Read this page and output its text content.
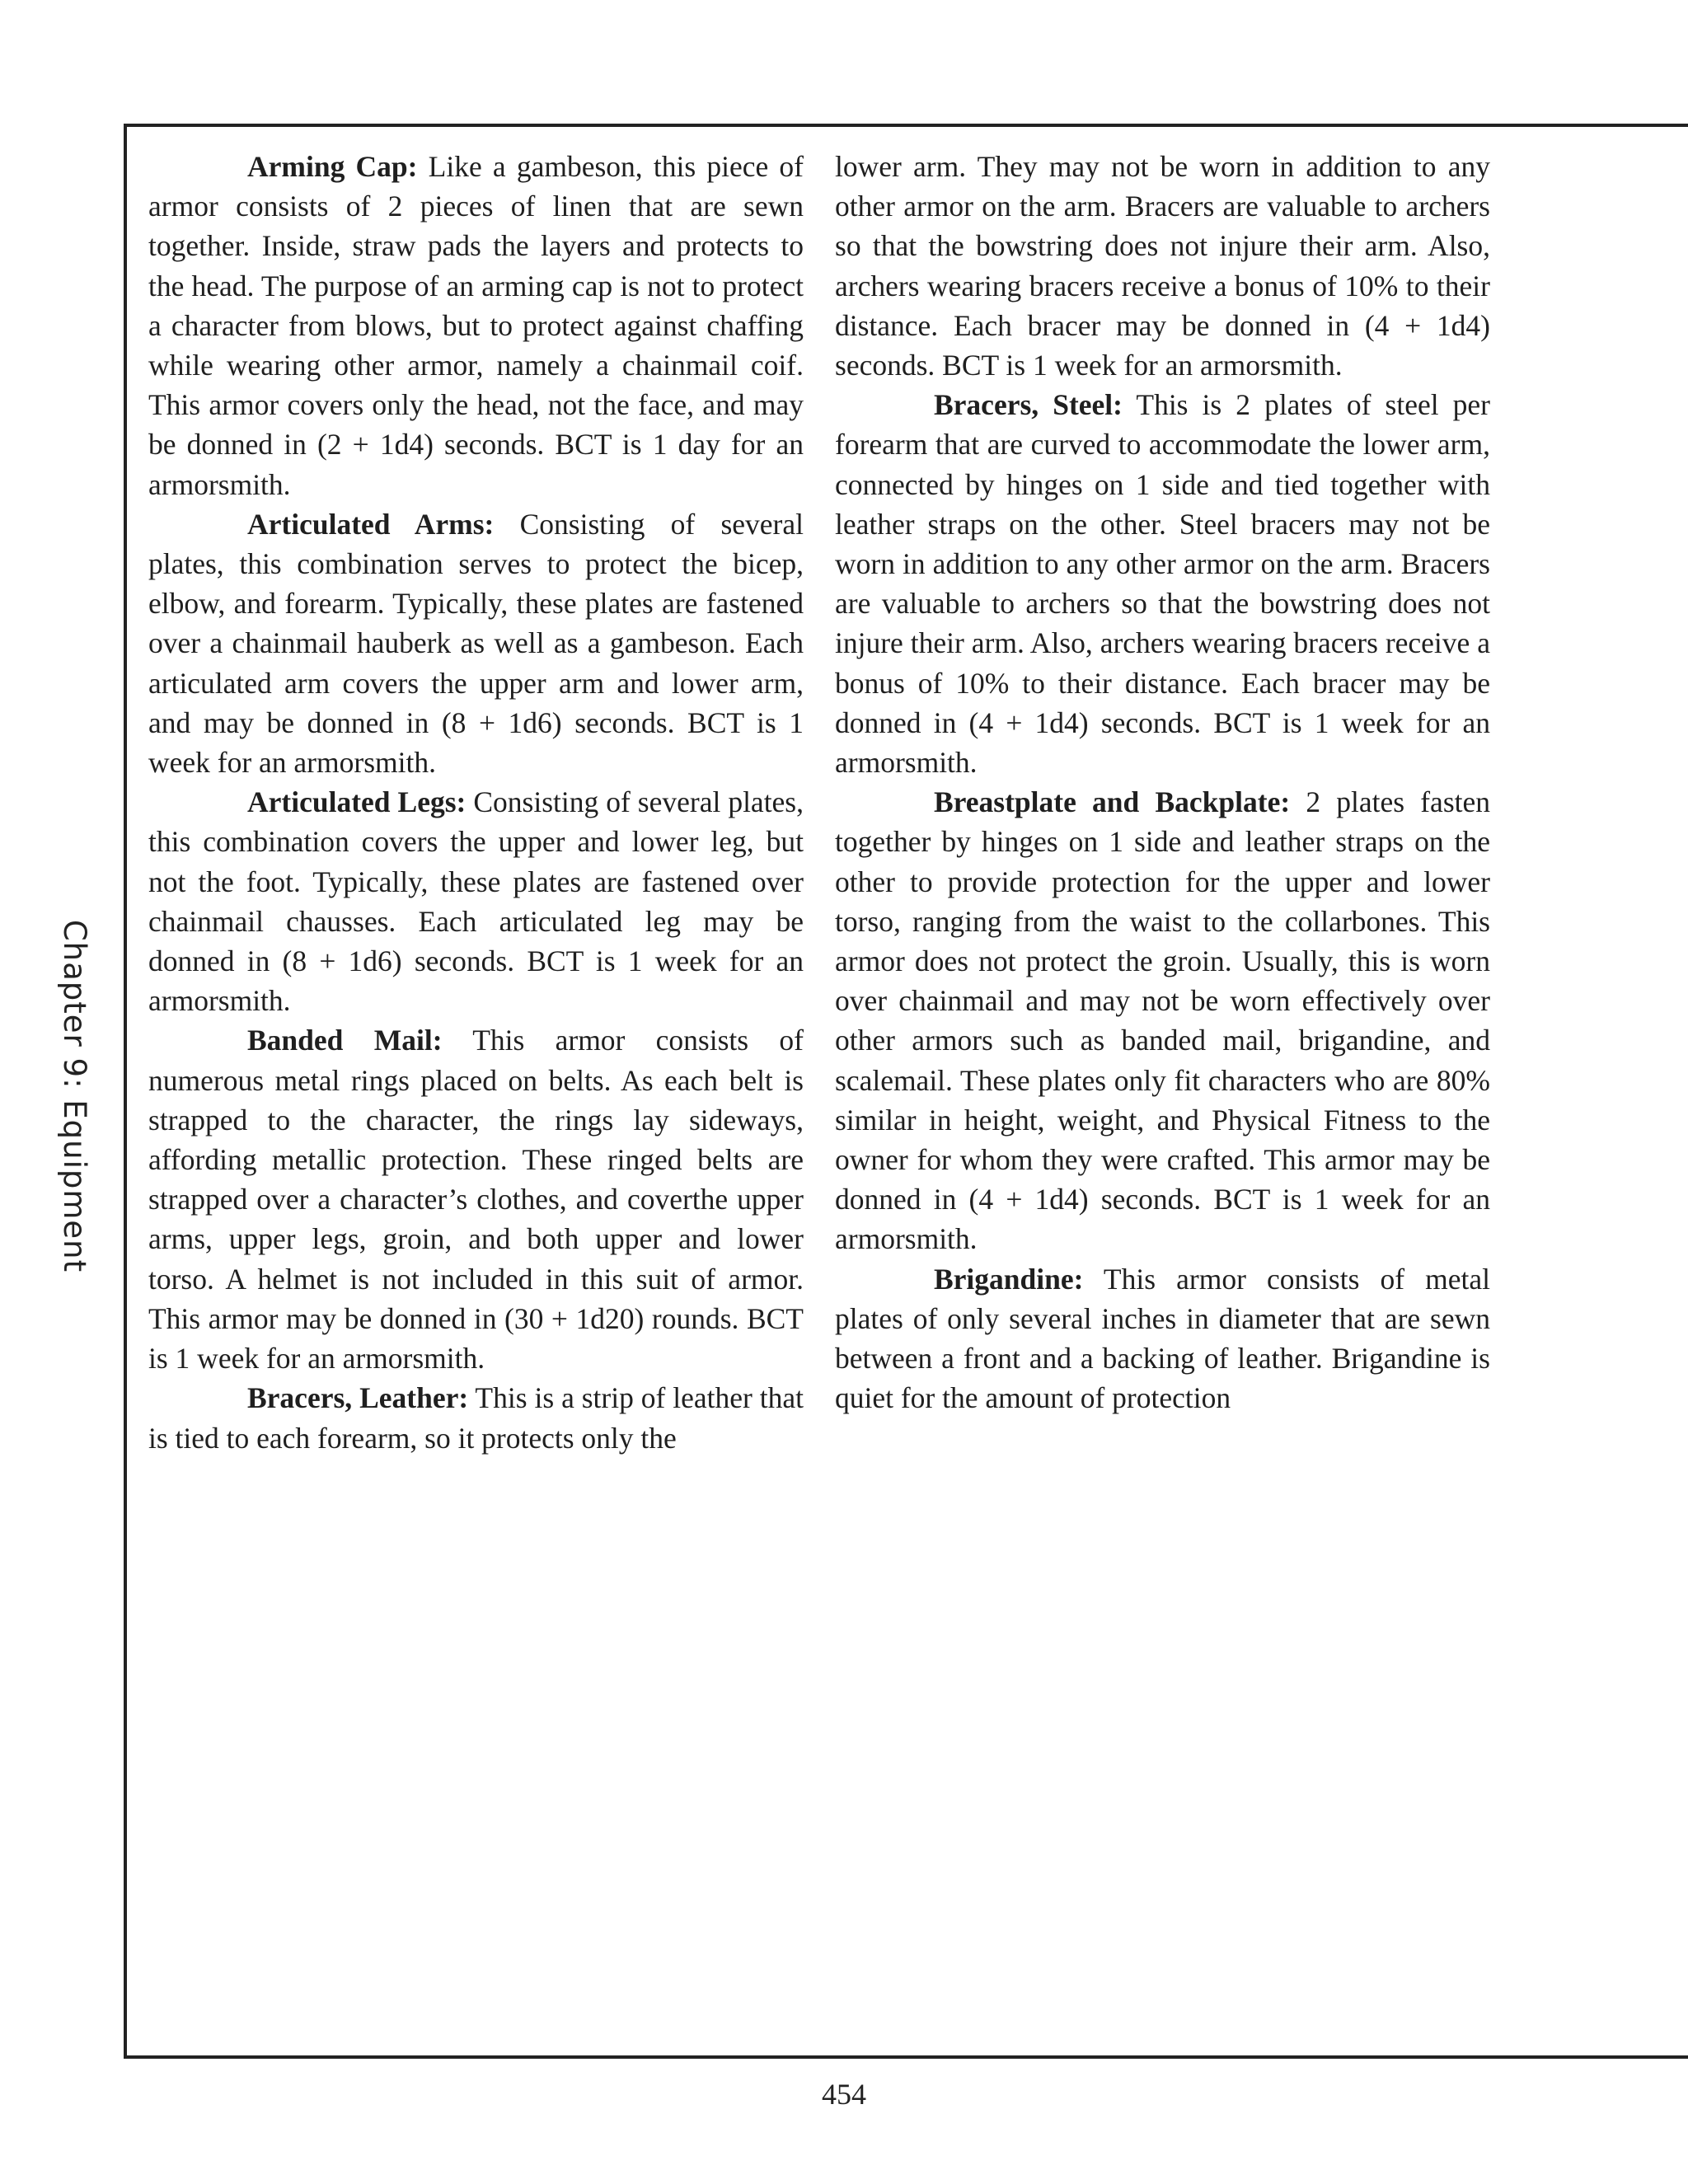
Chapter 9: Equipment

Arming Cap: Like a gambeson, this piece of armor consists of 2 pieces of linen that are sewn together. Inside, straw pads the layers and protects to the head. The purpose of an arming cap is not to protect a character from blows, but to protect against chaffing while wearing other armor, namely a chainmail coif. This armor covers only the head, not the face, and may be donned in (2 + 1d4) seconds. BCT is 1 day for an armorsmith.

Articulated Arms: Consisting of several plates, this combination serves to protect the bicep, elbow, and forearm. Typically, these plates are fastened over a chainmail hauberk as well as a gambeson. Each articulated arm covers the upper arm and lower arm, and may be donned in (8 + 1d6) seconds. BCT is 1 week for an armorsmith.

Articulated Legs: Consisting of several plates, this combination covers the upper and lower leg, but not the foot. Typically, these plates are fastened over chainmail chausses. Each articulated leg may be donned in (8 + 1d6) seconds. BCT is 1 week for an armorsmith.

Banded Mail: This armor consists of numerous metal rings placed on belts. As each belt is strapped to the character, the rings lay sideways, affording metallic protection. These ringed belts are strapped over a character’s clothes, and coverthe upper arms, upper legs, groin, and both upper and lower torso. A helmet is not included in this suit of armor. This armor may be donned in (30 + 1d20) rounds. BCT is 1 week for an armorsmith.

Bracers, Leather: This is a strip of leather that is tied to each forearm, so it protects only the

lower arm. They may not be worn in addition to any other armor on the arm. Bracers are valuable to archers so that the bowstring does not injure their arm. Also, archers wearing bracers receive a bonus of 10% to their distance. Each bracer may be donned in (4 + 1d4) seconds. BCT is 1 week for an armorsmith.

Bracers, Steel: This is 2 plates of steel per forearm that are curved to accommodate the lower arm, connected by hinges on 1 side and tied together with leather straps on the other. Steel bracers may not be worn in addition to any other armor on the arm. Bracers are valuable to archers so that the bowstring does not injure their arm. Also, archers wearing bracers receive a bonus of 10% to their distance. Each bracer may be donned in (4 + 1d4) seconds. BCT is 1 week for an armorsmith.

Breastplate and Backplate: 2 plates fasten together by hinges on 1 side and leather straps on the other to provide protection for the upper and lower torso, ranging from the waist to the collarbones. This armor does not protect the groin. Usually, this is worn over chainmail and may not be worn effectively over other armors such as banded mail, brigandine, and scalemail. These plates only fit characters who are 80% similar in height, weight, and Physical Fitness to the owner for whom they were crafted. This armor may be donned in (4 + 1d4) seconds. BCT is 1 week for an armorsmith.

Brigandine: This armor consists of metal plates of only several inches in diameter that are sewn between a front and a backing of leather. Brigandine is quiet for the amount of protection

454
